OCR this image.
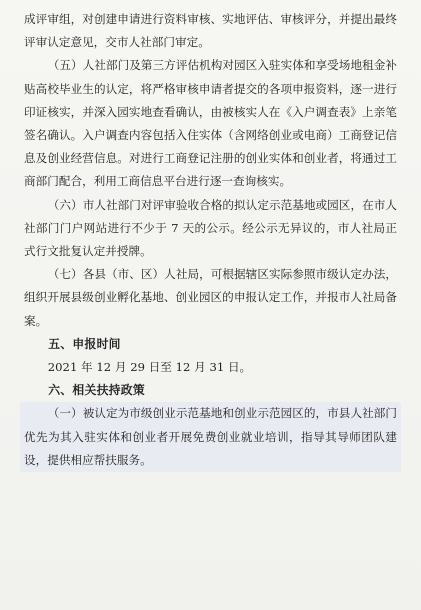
成评审组，对创建申请进行资料审核、实地评估、审核评分，并提出最终评审认定意见，交市人社部门审定。

（五）人社部门及第三方评估机构对园区入驻实体和享受场地租金补贴高校毕业生的认定，将严格审核申请者提交的各项申报资料，逐一进行印证核实，并深入园实地查看确认，由被核实人在《入户调查表》上亲笔签名确认。入户调查内容包括入住实体（含网络创业或电商）工商登记信息及创业经营信息。对进行工商登记注册的创业实体和创业者，将通过工商部门配合，利用工商信息平台进行逐一查询核实。

（六）市人社部门对评审验收合格的拟认定示范基地或园区，在市人社部门门户网站进行不少于 7 天的公示。经公示无异议的，市人社局正式行文批复认定并授牌。

（七）各县（市、区）人社局，可根据辖区实际参照市级认定办法，组织开展县级创业孵化基地、创业园区的申报认定工作，并报市人社局备案。

五、申报时间

2021 年 12 月 29 日至 12 月 31 日。

六、相关扶持政策

（一）被认定为市级创业示范基地和创业示范园区的，市县人社部门优先为其入驻实体和创业者开展免费创业就业培训，指导其导师团队建设，提供相应帮扶服务。
